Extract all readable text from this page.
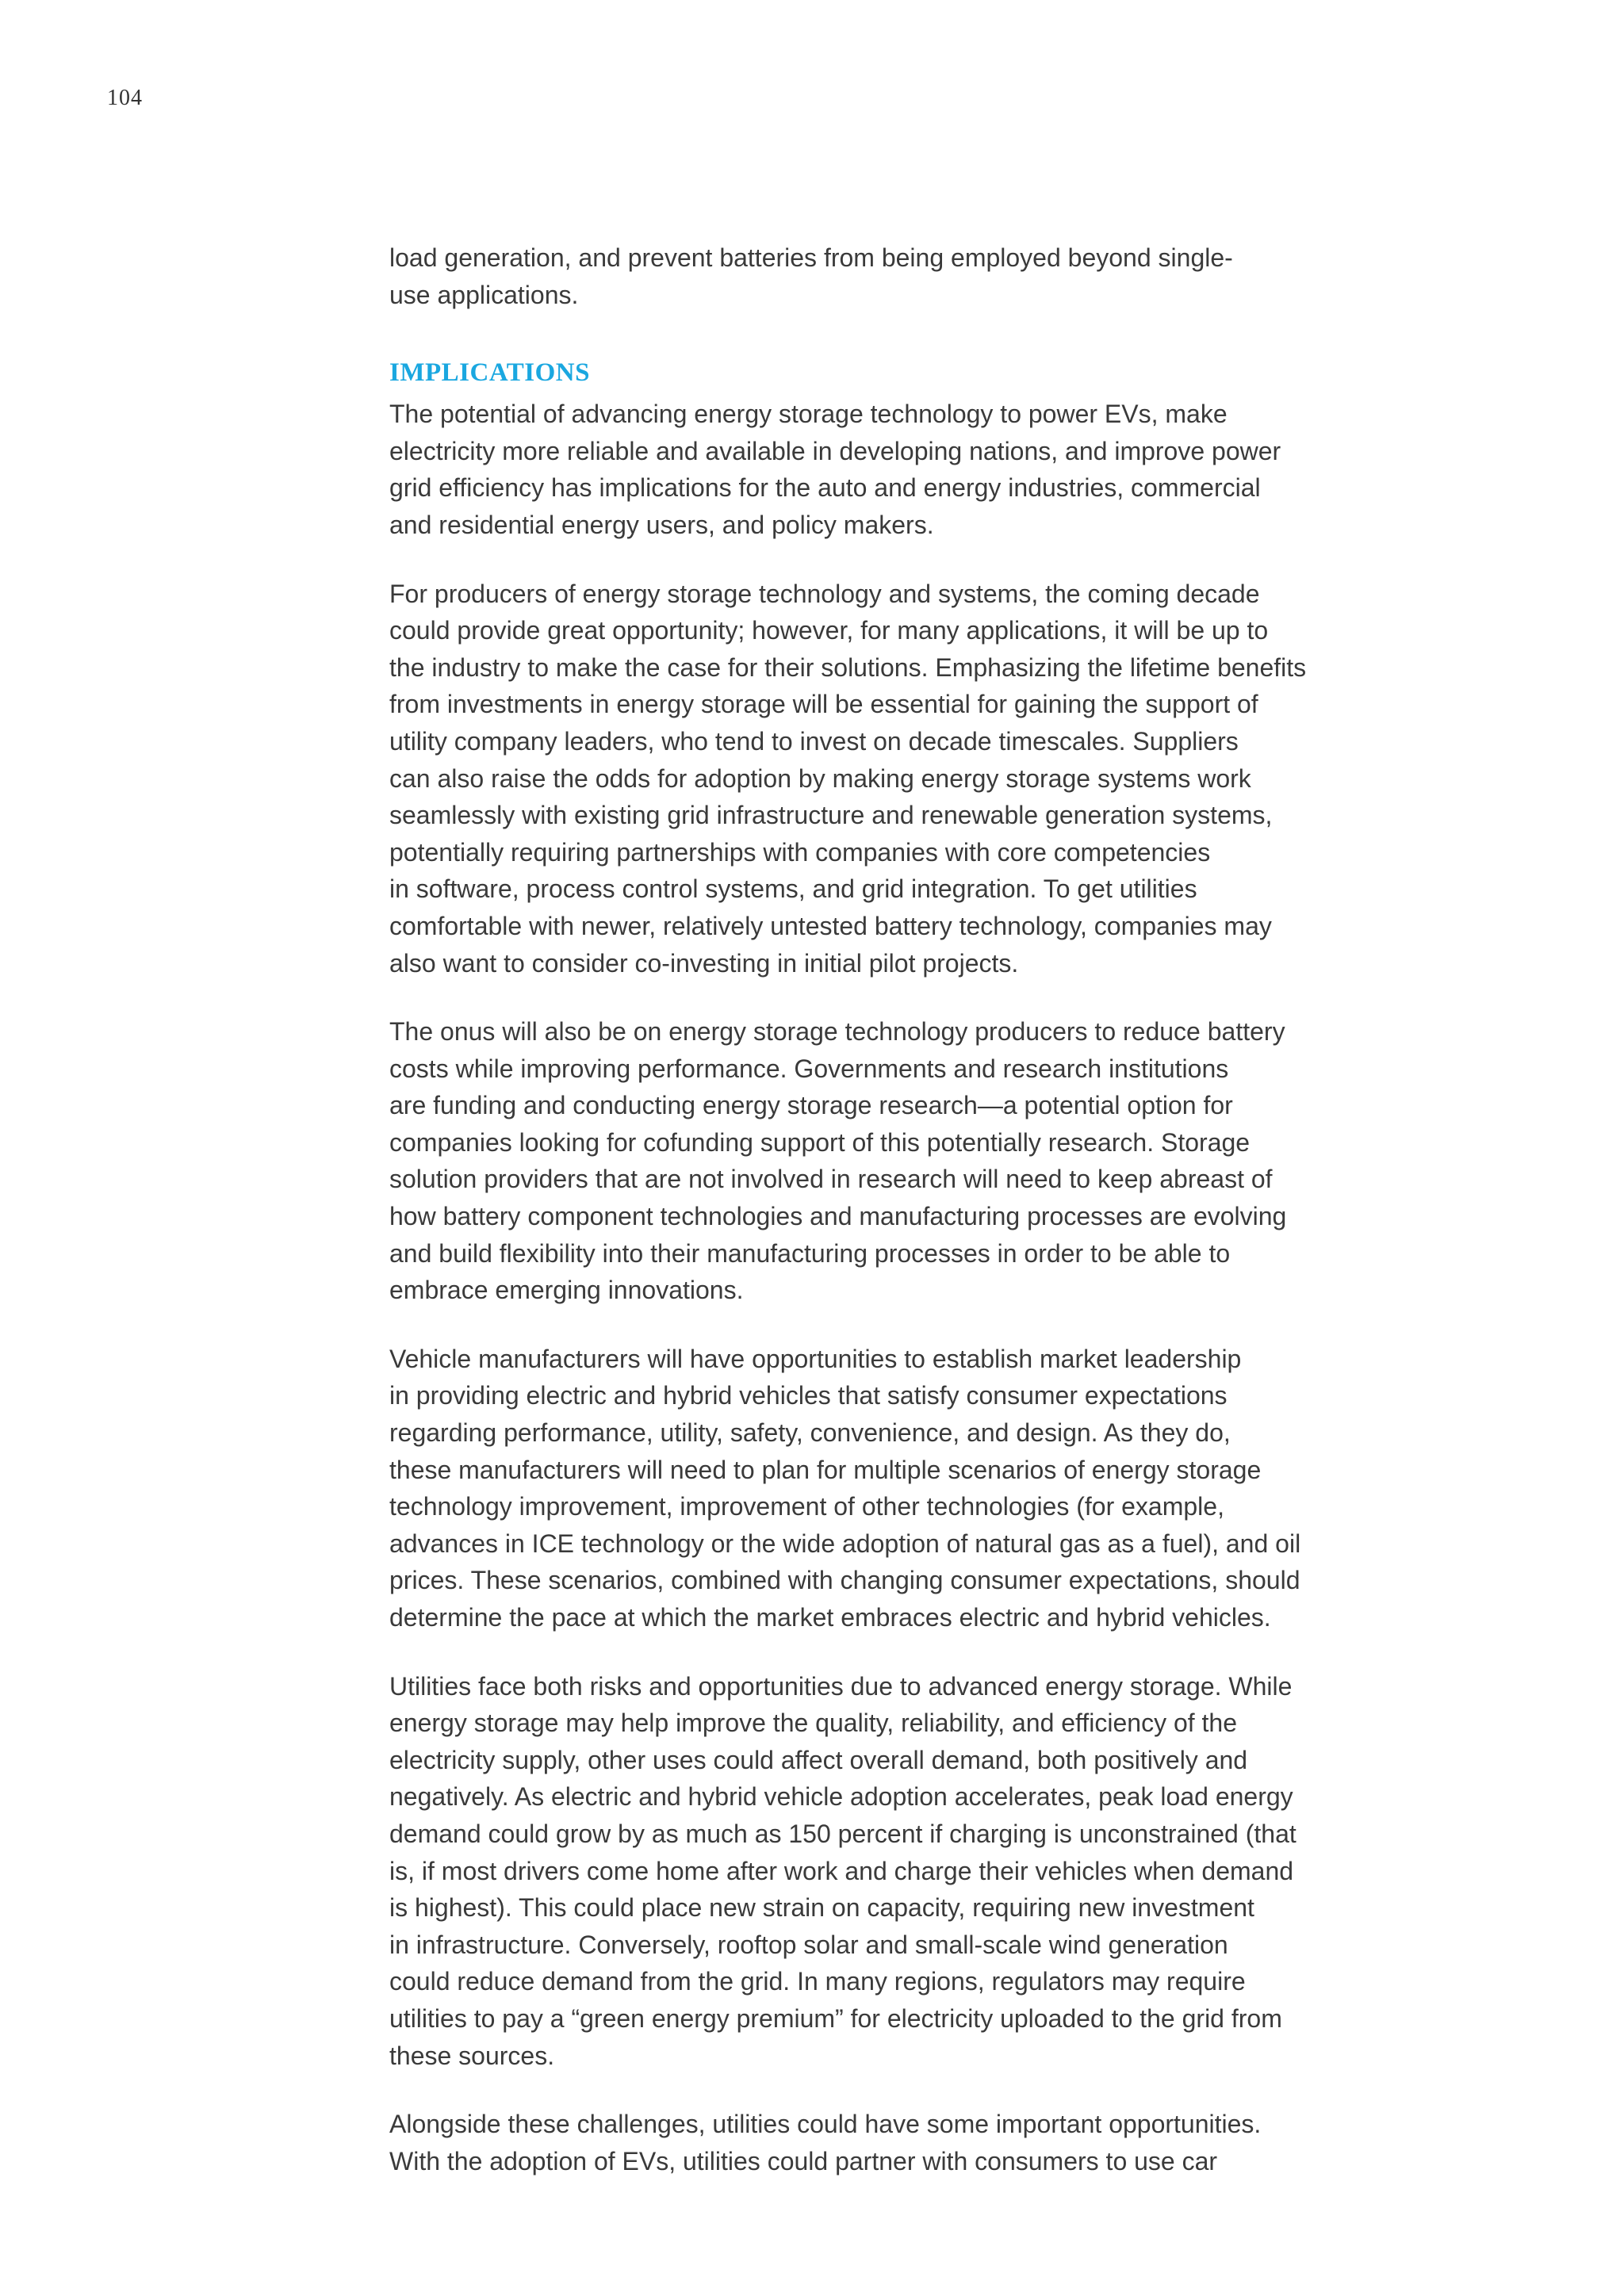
104

load generation, and prevent batteries from being employed beyond single-
use applications.

IMPLICATIONS

The potential of advancing energy storage technology to power EVs, make
electricity more reliable and available in developing nations, and improve power
grid efficiency has implications for the auto and energy industries, commercial
and residential energy users, and policy makers.

For producers of energy storage technology and systems, the coming decade
could provide great opportunity; however, for many applications, it will be up to
the industry to make the case for their solutions. Emphasizing the lifetime benefits
from investments in energy storage will be essential for gaining the support of
utility company leaders, who tend to invest on decade timescales. Suppliers
can also raise the odds for adoption by making energy storage systems work
seamlessly with existing grid infrastructure and renewable generation systems,
potentially requiring partnerships with companies with core competencies
in software, process control systems, and grid integration. To get utilities
comfortable with newer, relatively untested battery technology, companies may
also want to consider co-investing in initial pilot projects.

The onus will also be on energy storage technology producers to reduce battery
costs while improving performance. Governments and research institutions
are funding and conducting energy storage research—a potential option for
companies looking for cofunding support of this potentially research. Storage
solution providers that are not involved in research will need to keep abreast of
how battery component technologies and manufacturing processes are evolving
and build flexibility into their manufacturing processes in order to be able to
embrace emerging innovations.

Vehicle manufacturers will have opportunities to establish market leadership
in providing electric and hybrid vehicles that satisfy consumer expectations
regarding performance, utility, safety, convenience, and design. As they do,
these manufacturers will need to plan for multiple scenarios of energy storage
technology improvement, improvement of other technologies (for example,
advances in ICE technology or the wide adoption of natural gas as a fuel), and oil
prices. These scenarios, combined with changing consumer expectations, should
determine the pace at which the market embraces electric and hybrid vehicles.

Utilities face both risks and opportunities due to advanced energy storage. While
energy storage may help improve the quality, reliability, and efficiency of the
electricity supply, other uses could affect overall demand, both positively and
negatively. As electric and hybrid vehicle adoption accelerates, peak load energy
demand could grow by as much as 150 percent if charging is unconstrained (that
is, if most drivers come home after work and charge their vehicles when demand
is highest). This could place new strain on capacity, requiring new investment
in infrastructure. Conversely, rooftop solar and small-scale wind generation
could reduce demand from the grid. In many regions, regulators may require
utilities to pay a “green energy premium” for electricity uploaded to the grid from
these sources.

Alongside these challenges, utilities could have some important opportunities.
With the adoption of EVs, utilities could partner with consumers to use car
